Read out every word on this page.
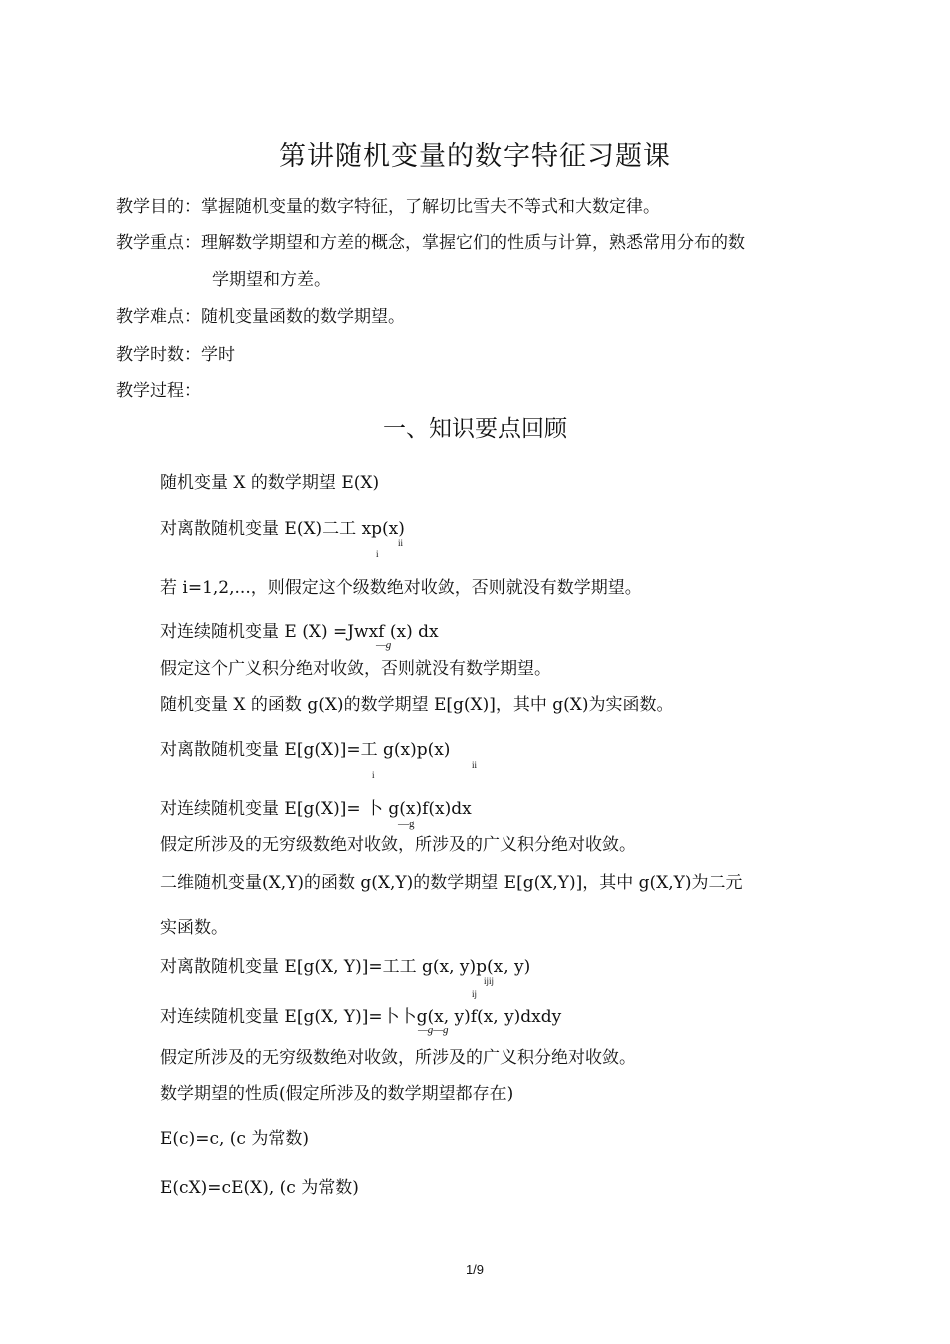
第讲随机变量的数字特征习题课
教学目的：掌握随机变量的数字特征，了解切比雪夫不等式和大数定律。
教学重点：理解数学期望和方差的概念，掌握它们的性质与计算，熟悉常用分布的数
学期望和方差。
教学难点：随机变量函数的数学期望。
教学时数：学时
教学过程：
一、知识要点回顾
随机变量 X 的数学期望 E(X)
对离散随机变量 E(X)二工 xp(x)
i
ii
若 i=1,2,...，则假定这个级数绝对收敛，否则就没有数学期望。
对连续随机变量 E (X) =Jwxf (x) dx
—g
假定这个广义积分绝对收敛，否则就没有数学期望。
随机变量 X 的函数 g(X)的数学期望 E[g(X)]，其中 g(X)为实函数。
对离散随机变量 E[g(X)]=工 g(x)p(x)
i
ii
对连续随机变量 E[g(X)]= 卜 g(x)f(x)dx
—g
假定所涉及的无穷级数绝对收敛，所涉及的广义积分绝对收敛。
二维随机变量(X,Y)的函数 g(X,Y)的数学期望 E[g(X,Y)]，其中 g(X,Y)为二元
实函数。
对离散随机变量 E[g(X, Y)]=工工 g(x, y)p(x, y)
ijij
ij
对连续随机变量 E[g(X, Y)]=卜卜g(x, y)f(x, y)dxdy
—g—g
假定所涉及的无穷级数绝对收敛，所涉及的广义积分绝对收敛。
数学期望的性质(假定所涉及的数学期望都存在)
E(c)=c, (c 为常数)
E(cX)=cE(X), (c 为常数)
1/9
